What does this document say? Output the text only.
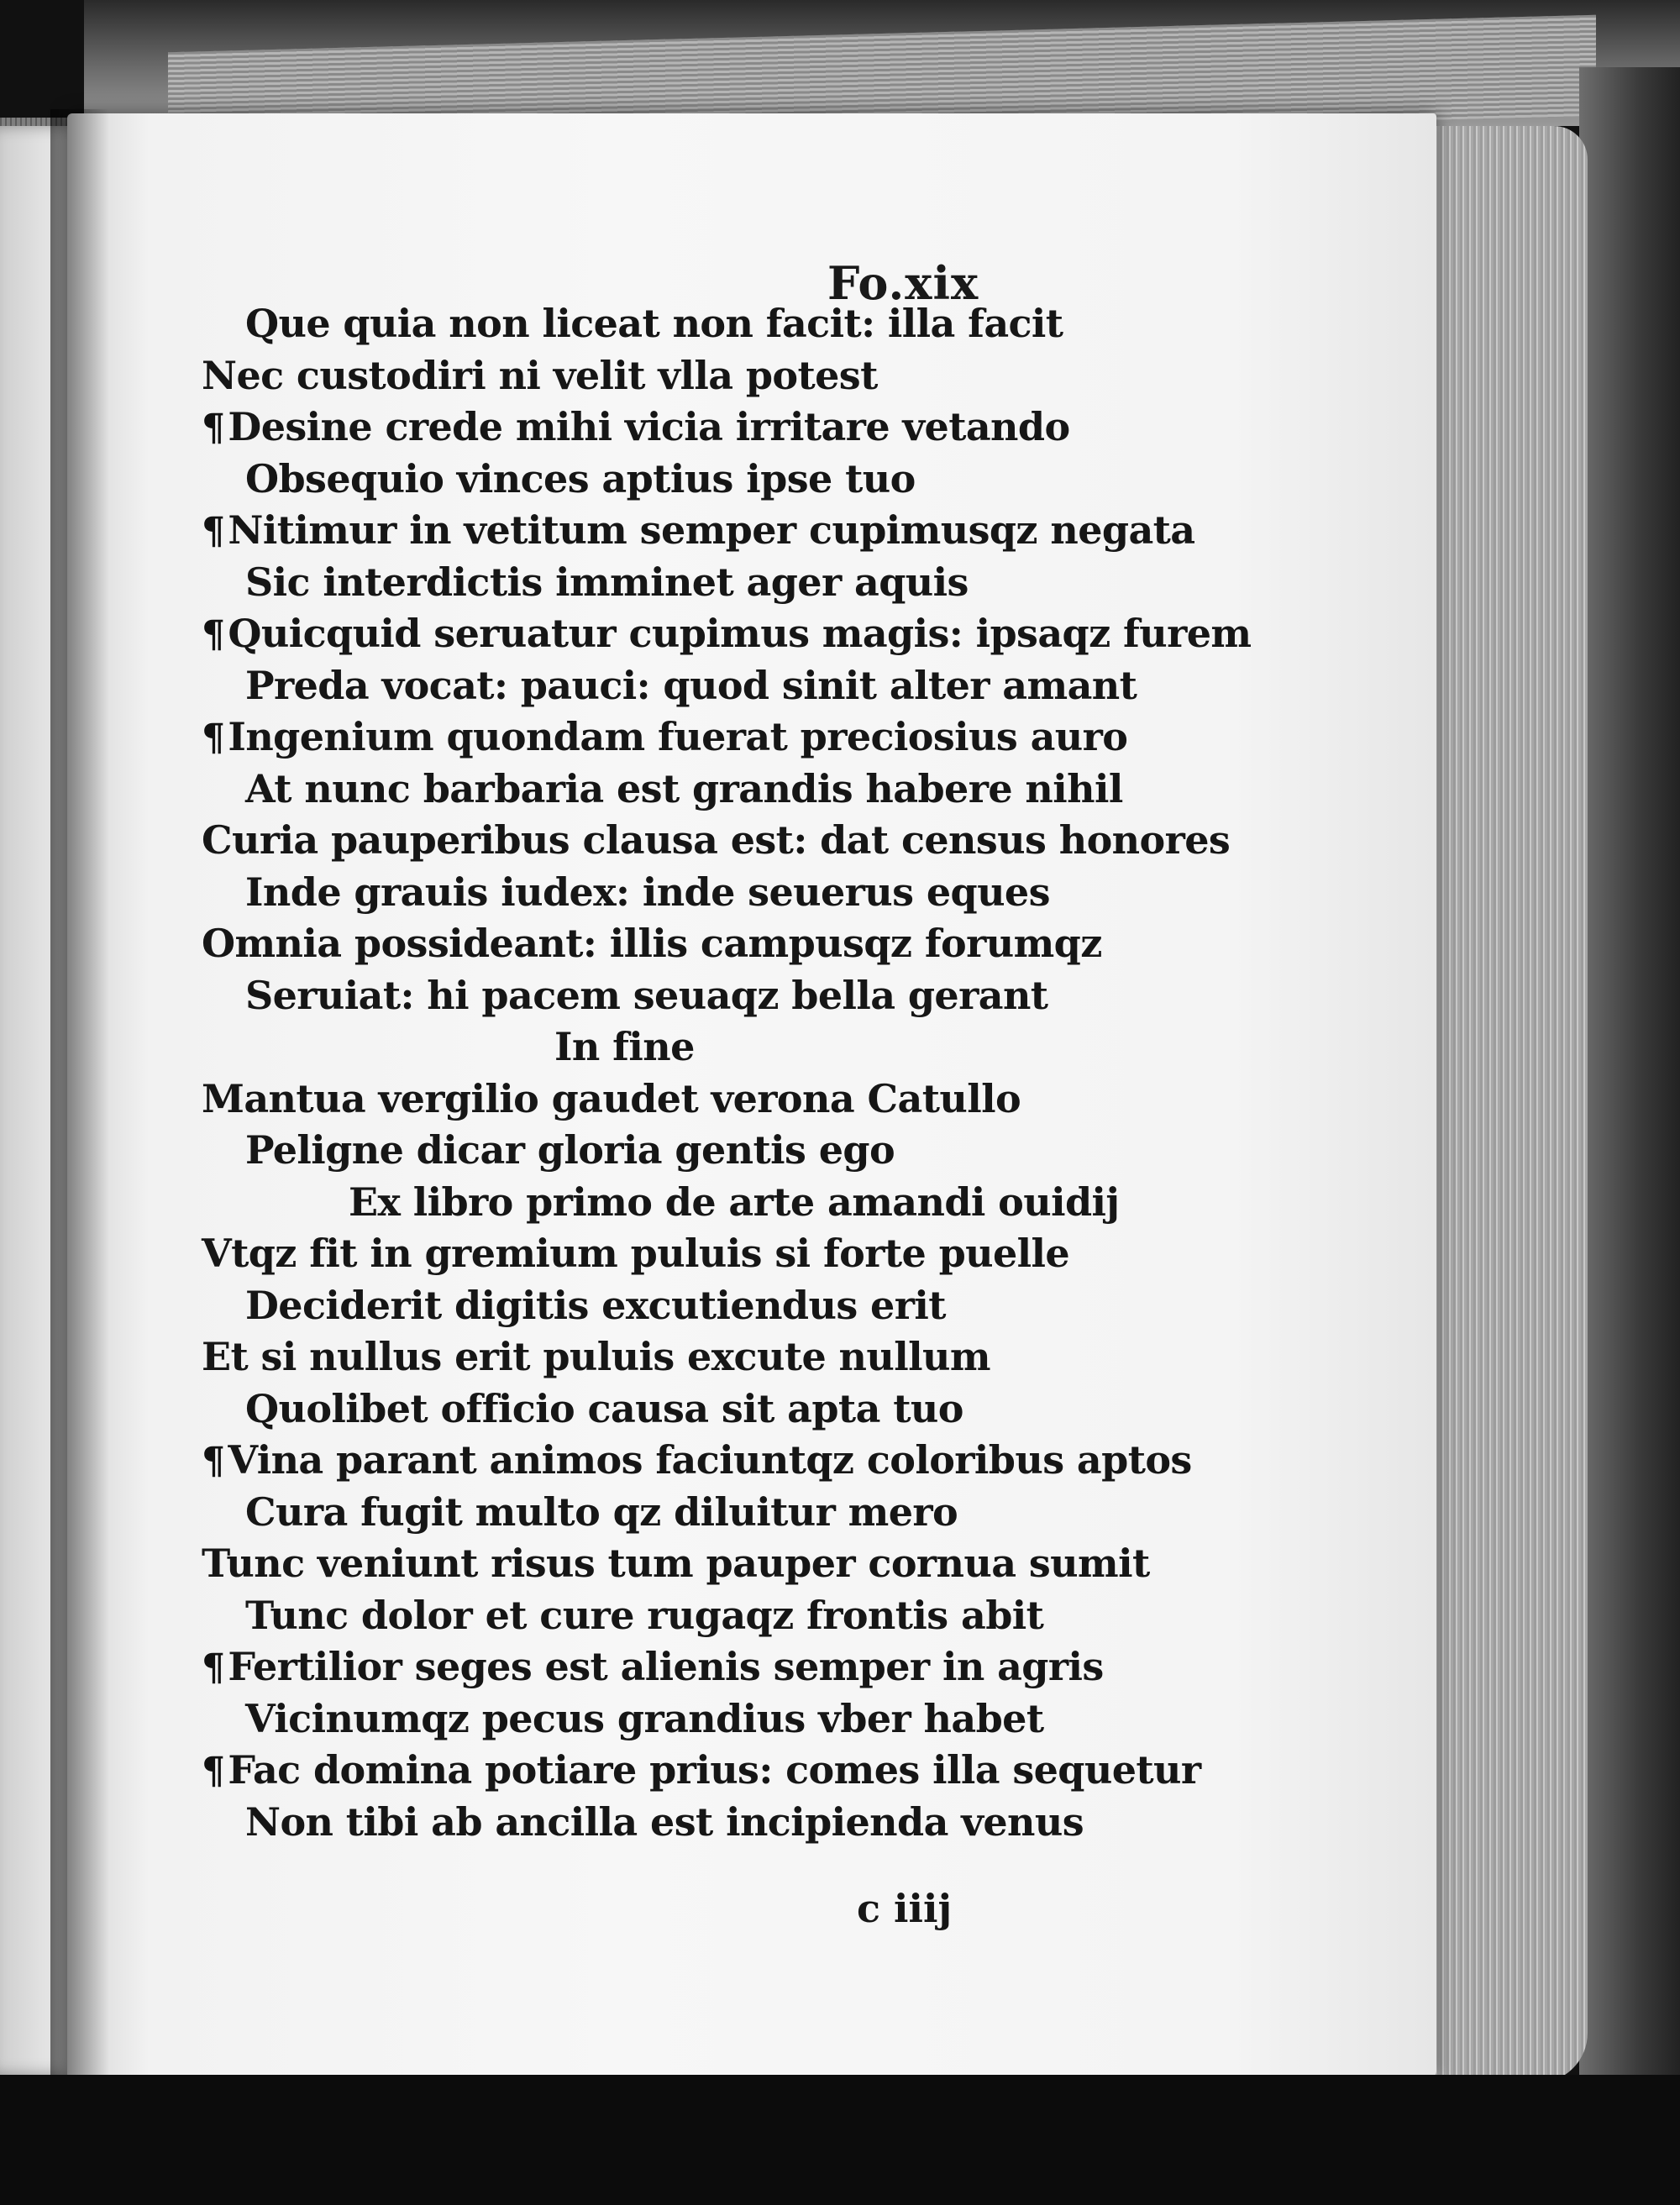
Fo.xix
Que quia non liceat non facit: illa facit
Nec custodiri ni velit vlla potest
¶Desine crede mihi vicia irritare vetando
Obsequio vinces aptius ipse tuo
¶Nitimur in vetitum semper cupimusqz negata
Sic interdictis imminet ager aquis
¶Quicquid seruatur cupimus magis: ipsaqz furem
Preda vocat: pauci: quod sinit alter amant
¶Ingenium quondam fuerat preciosius auro
At nunc barbaria est grandis habere nihil
Curia pauperibus clausa est: dat census honores
Inde grauis iudex: inde seuerus eques
Omnia possideant: illis campusqz forumqz
Seruiat: hi pacem seuaqz bella gerant
In fine
Mantua vergilio gaudet verona Catullo
Peligne dicar gloria gentis ego
Ex libro primo de arte amandi ouidij
Vtqz fit in gremium puluis si forte puelle
Deciderit digitis excutiendus erit
Et si nullus erit puluis excute nullum
Quolibet officio causa sit apta tuo
¶Vina parant animos faciuntqz coloribus aptos
Cura fugit multo qz diluitur mero
Tunc veniunt risus tum pauper cornua sumit
Tunc dolor et cure rugaqz frontis abit
¶Fertilior seges est alienis semper in agris
Vicinumqz pecus grandius vber habet
¶Fac domina potiare prius: comes illa sequetur
Non tibi ab ancilla est incipienda venus
c iiij
